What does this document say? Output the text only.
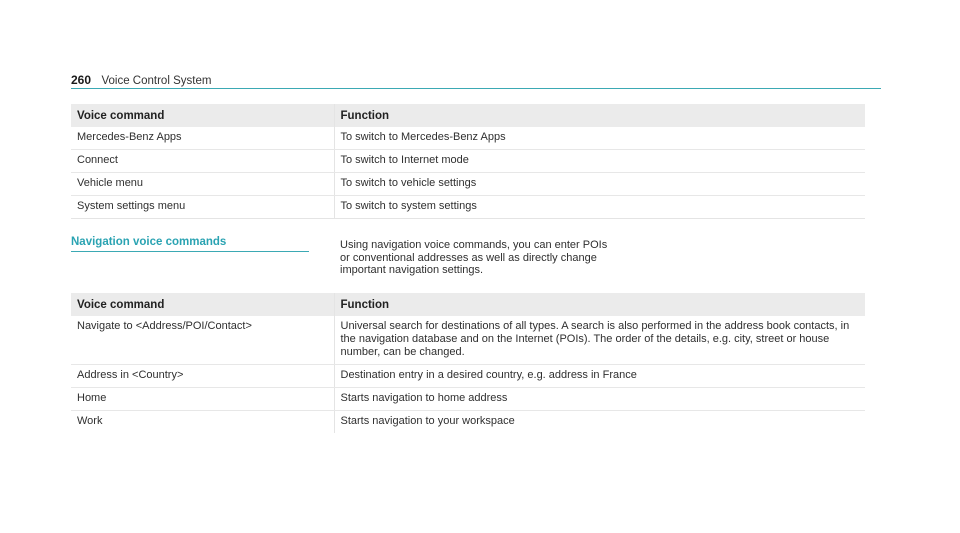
260 Voice Control System
Voice command	Function
Mercedes-Benz Apps	To switch to Mercedes-Benz Apps
Connect	To switch to Internet mode
Vehicle menu	To switch to vehicle settings
System settings menu	To switch to system settings
Navigation voice commands	Using navigation voice commands, you can enter POIs or conventional addresses as well as directly change important navigation settings.
Voice command	Function
Navigate to <Address/POI/Contact>	Universal search for destinations of all types. A search is also performed in the address book contacts, in the navigation database and on the Internet (POIs). The order of the details, e.g. city, street or house number, can be changed.
Address in <Country>	Destination entry in a desired country, e.g. address in France
Home	Starts navigation to home address
Work	Starts navigation to your workspace
